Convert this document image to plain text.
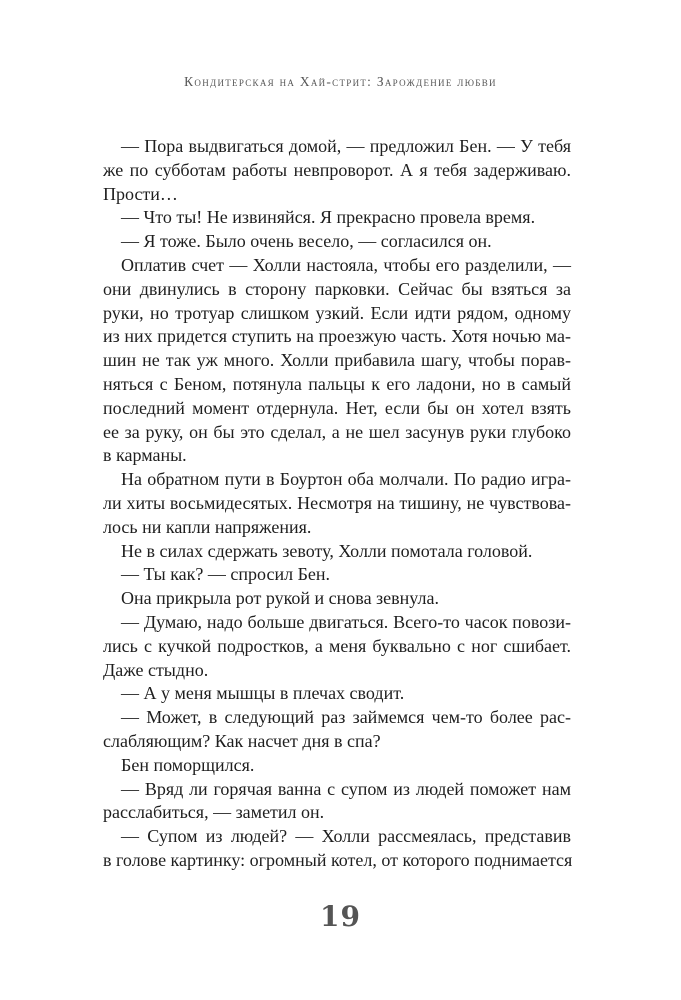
Кондитерская на Хай-стрит: Зарождение любви
— Пора выдвигаться домой, — предложил Бен. — У тебя
же по субботам работы невпроворот. А я тебя задерживаю.
Прости…
— Что ты! Не извиняйся. Я прекрасно провела время.
— Я тоже. Было очень весело, — согласился он.
Оплатив счет — Холли настояла, чтобы его разделили, —
они двинулись в сторону парковки. Сейчас бы взяться за
руки, но тротуар слишком узкий. Если идти рядом, одному
из них придется ступить на проезжую часть. Хотя ночью ма-
шин не так уж много. Холли прибавила шагу, чтобы порав-
няться с Беном, потянула пальцы к его ладони, но в самый
последний момент отдернула. Нет, если бы он хотел взять
ее за руку, он бы это сделал, а не шел засунув руки глубоко
в карманы.
На обратном пути в Боуртон оба молчали. По радио игра-
ли хиты восьмидесятых. Несмотря на тишину, не чувствова-
лось ни капли напряжения.
Не в силах сдержать зевоту, Холли помотала головой.
— Ты как? — спросил Бен.
Она прикрыла рот рукой и снова зевнула.
— Думаю, надо больше двигаться. Всего-то часок повози-
лись с кучкой подростков, а меня буквально с ног сшибает.
Даже стыдно.
— А у меня мышцы в плечах сводит.
— Может, в следующий раз займемся чем-то более рас-
слабляющим? Как насчет дня в спа?
Бен поморщился.
— Вряд ли горячая ванна с супом из людей поможет нам
расслабиться, — заметил он.
— Супом из людей? — Холли рассмеялась, представив
в голове картинку: огромный котел, от которого поднимается
19
